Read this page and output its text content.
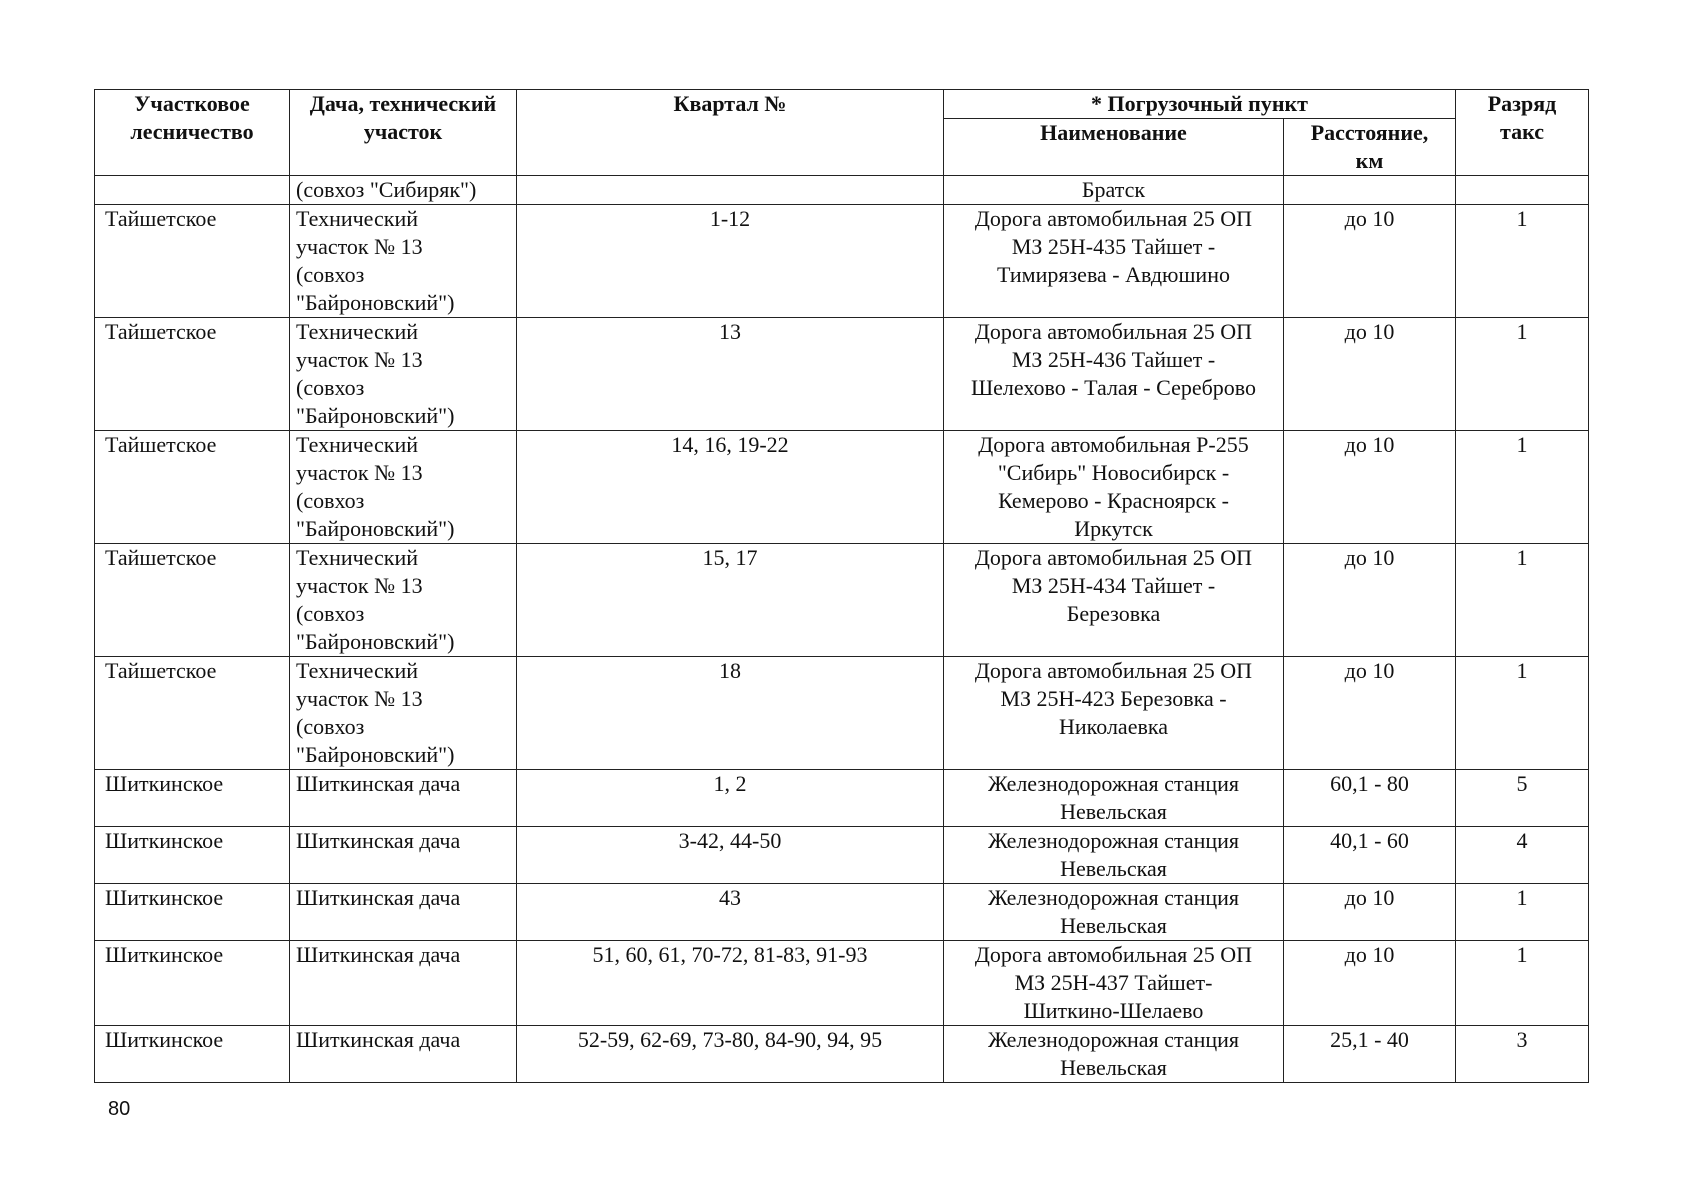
Участковое
лесничество	Дача, технический
участок	Квартал №	* Погрузочный пункт		Разряд
такс
			Наименование	Расстояние,
км	
	(совхоз "Сибиряк")		Братск		
Тайшетское	Технический
участок № 13
(совхоз
"Байроновский")	1-12	Дорога автомобильная 25 ОП
МЗ 25Н-435 Тайшет -
Тимирязева - Авдюшино	до 10	1
Тайшетское	Технический
участок № 13
(совхоз
"Байроновский")	13	Дорога автомобильная 25 ОП
МЗ 25Н-436 Тайшет -
Шелехово - Талая - Серeброво	до 10	1
Тайшетское	Технический
участок № 13
(совхоз
"Байроновский")	14, 16, 19-22	Дорога автомобильная Р-255
"Сибирь" Новосибирск -
Кемерово - Красноярск -
Иркутск	до 10	1
Тайшетское	Технический
участок № 13
(совхоз
"Байроновский")	15, 17	Дорога автомобильная 25 ОП
МЗ 25Н-434 Тайшет -
Березовка	до 10	1
Тайшетское	Технический
участок № 13
(совхоз
"Байроновский")	18	Дорога автомобильная 25 ОП
МЗ 25Н-423 Березовка -
Николаевка	до 10	1
Шиткинское	Шиткинская дача	1, 2	Железнодорожная станция
Невельская	60,1 - 80	5
Шиткинское	Шиткинская дача	3-42, 44-50	Железнодорожная станция
Невельская	40,1 - 60	4
Шиткинское	Шиткинская дача	43	Железнодорожная станция
Невельская	до 10	1
Шиткинское	Шиткинская дача	51, 60, 61, 70-72, 81-83, 91-93	Дорога автомобильная 25 ОП
МЗ 25Н-437 Тайшет-
Шиткино-Шелаево	до 10	1
Шиткинское	Шиткинская дача	52-59, 62-69, 73-80, 84-90, 94, 95	Железнодорожная станция
Невельская	25,1 - 40	3
80
